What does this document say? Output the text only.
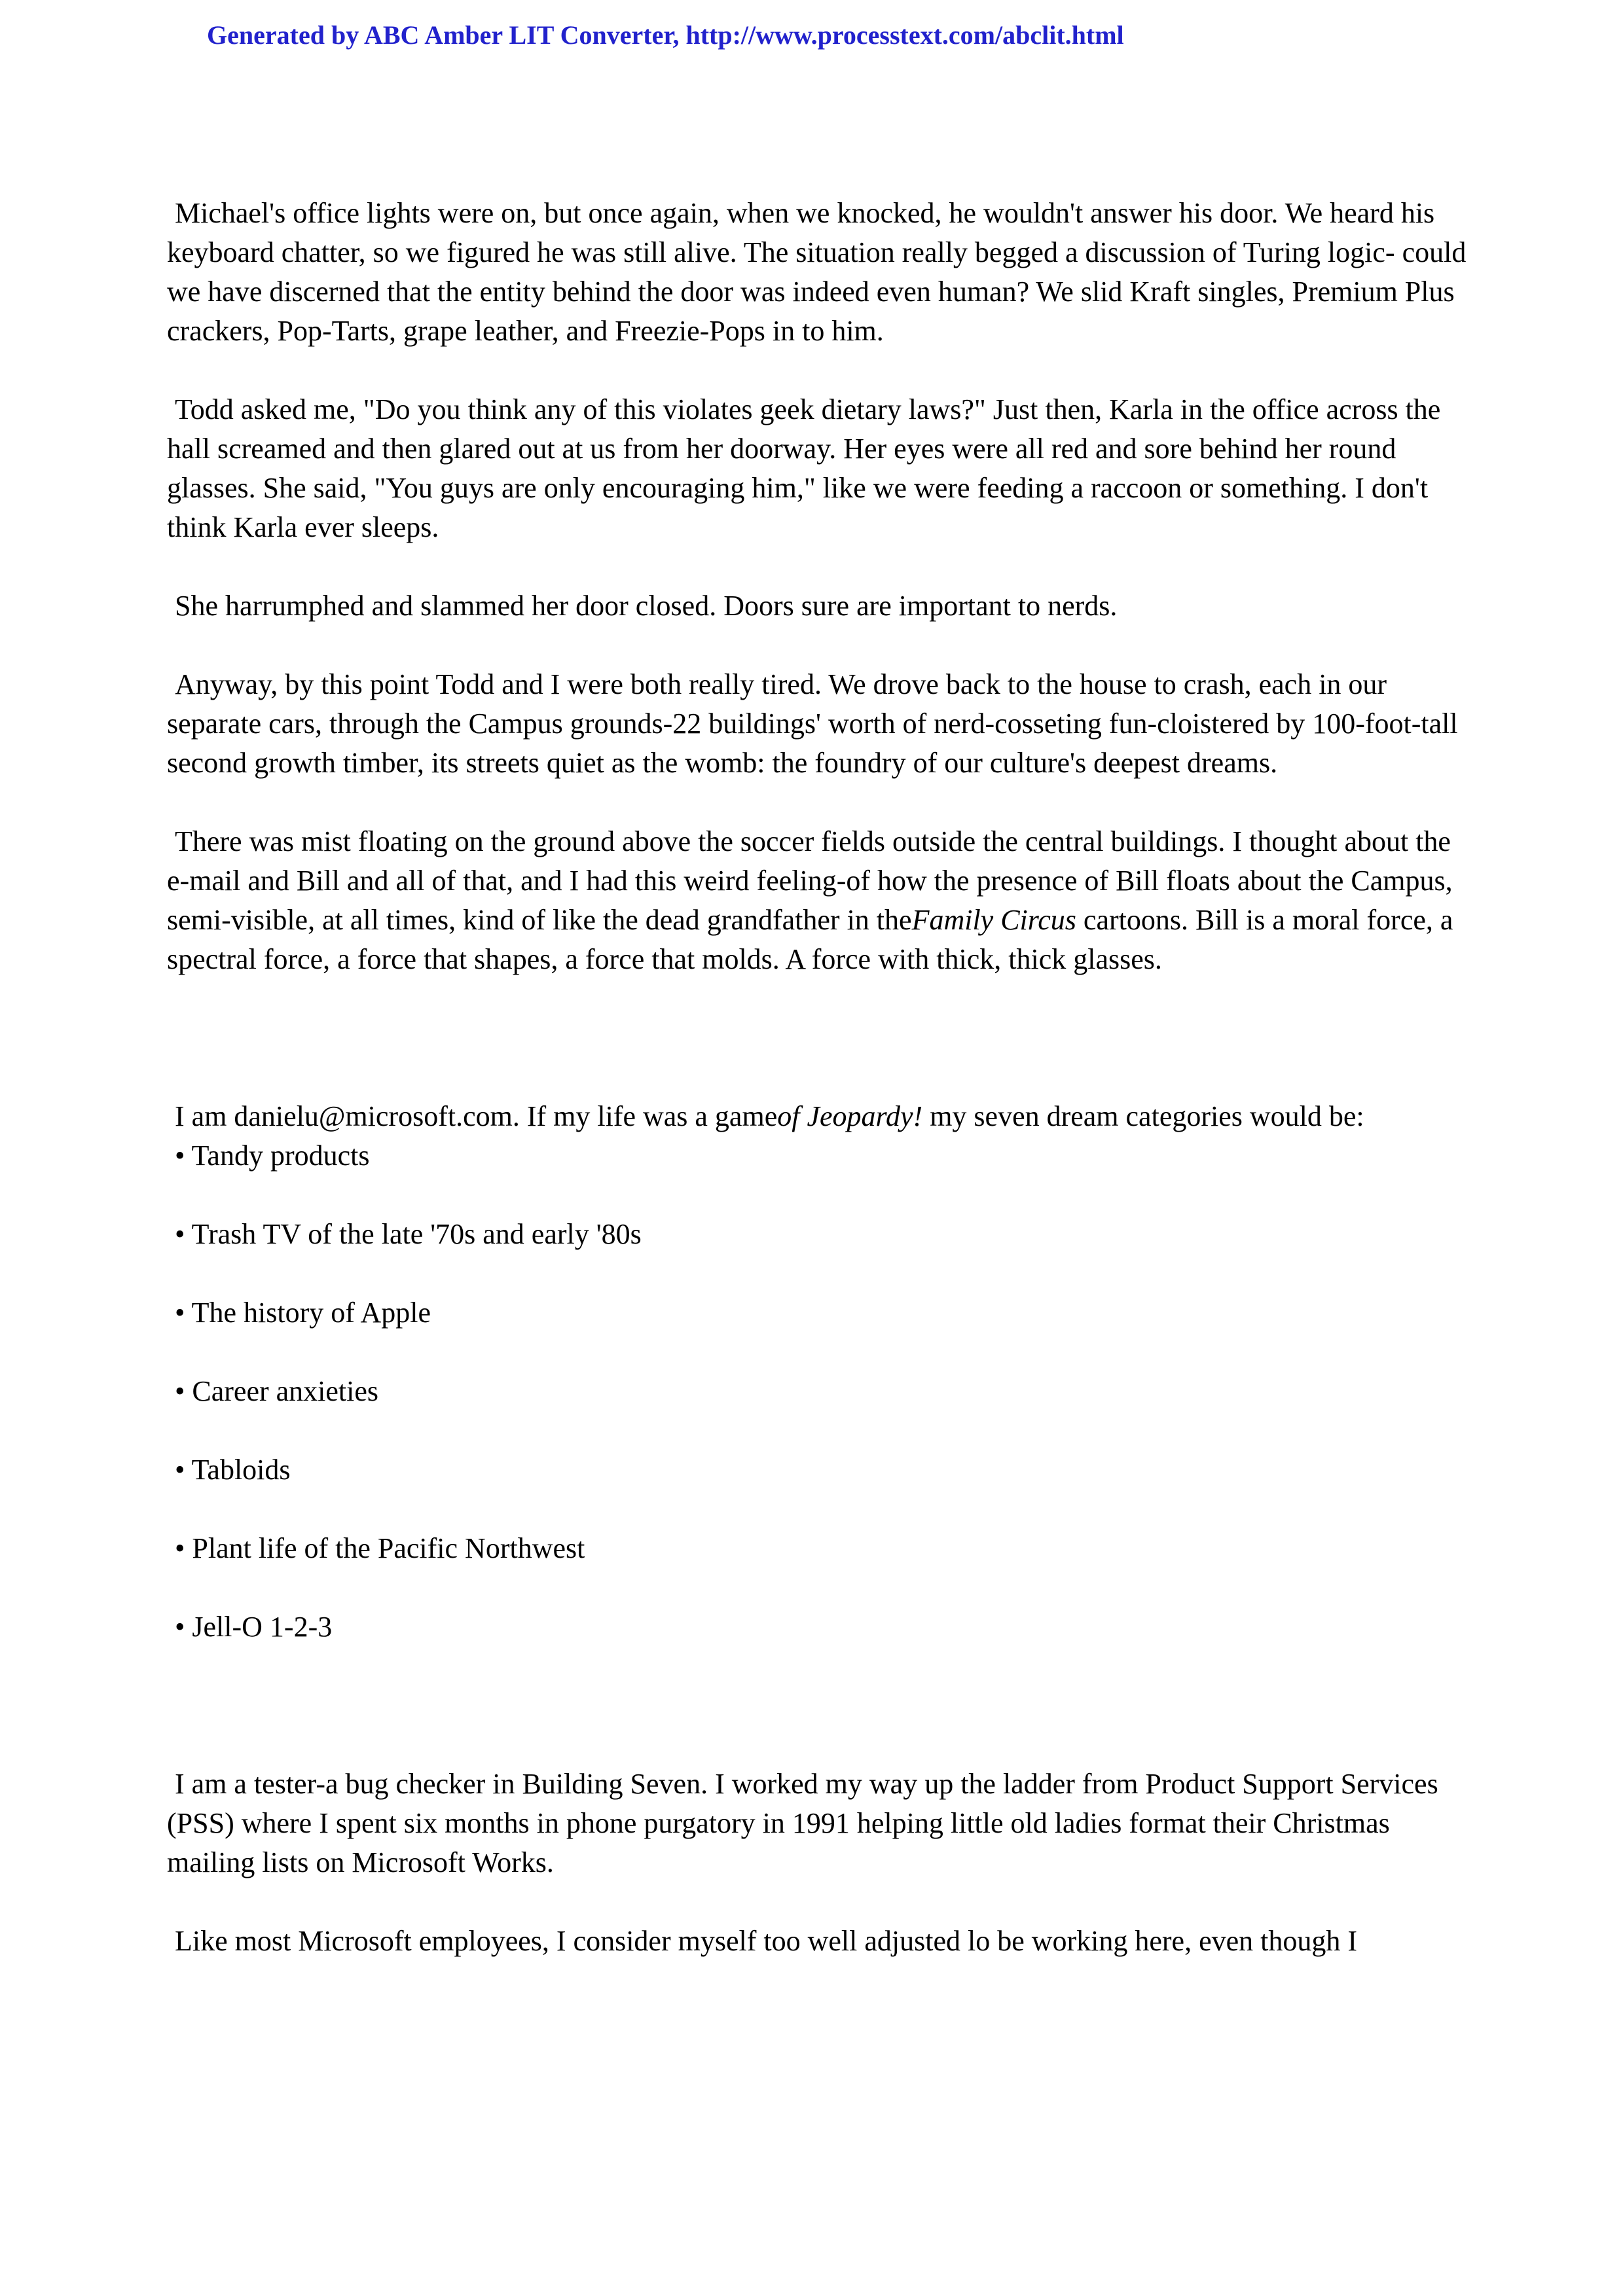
Generated by ABC Amber LIT Converter, http://www.processtext.com/abclit.html

Michael's office lights were on, but once again, when we knocked, he wouldn't answer his door. We heard his keyboard chatter, so we figured he was still alive. The situation really begged a discussion of Turing logic- could we have discerned that the entity behind the door was indeed even human? We slid Kraft singles, Premium Plus crackers, Pop-Tarts, grape leather, and Freezie-Pops in to him.

Todd asked me, "Do you think any of this violates geek dietary laws?" Just then, Karla in the office across the hall screamed and then glared out at us from her doorway. Her eyes were all red and sore behind her round glasses. She said, "You guys are only encouraging him," like we were feeding a raccoon or something. I don't think Karla ever sleeps.

She harrumphed and slammed her door closed. Doors sure are important to nerds.

Anyway, by this point Todd and I were both really tired. We drove back to the house to crash, each in our separate cars, through the Campus grounds-22 buildings' worth of nerd-cosseting fun-cloistered by 100-foot-tall second growth timber, its streets quiet as the womb: the foundry of our culture's deepest dreams.

There was mist floating on the ground above the soccer fields outside the central buildings. I thought about the e-mail and Bill and all of that, and I had this weird feeling-of how the presence of Bill floats about the Campus, semi-visible, at all times, kind of like the dead grandfather in theFamily Circus cartoons. Bill is a moral force, a spectral force, a force that shapes, a force that molds. A force with thick, thick glasses.

I am danielu@microsoft.com. If my life was a gameof Jeopardy! my seven dream categories would be:

• Tandy products
• Trash TV of the late '70s and early '80s
• The history of Apple
• Career anxieties
• Tabloids
• Plant life of the Pacific Northwest
• Jell-O 1-2-3

I am a tester-a bug checker in Building Seven. I worked my way up the ladder from Product Support Services (PSS) where I spent six months in phone purgatory in 1991 helping little old ladies format their Christmas mailing lists on Microsoft Works.

Like most Microsoft employees, I consider myself too well adjusted lo be working here, even though I
